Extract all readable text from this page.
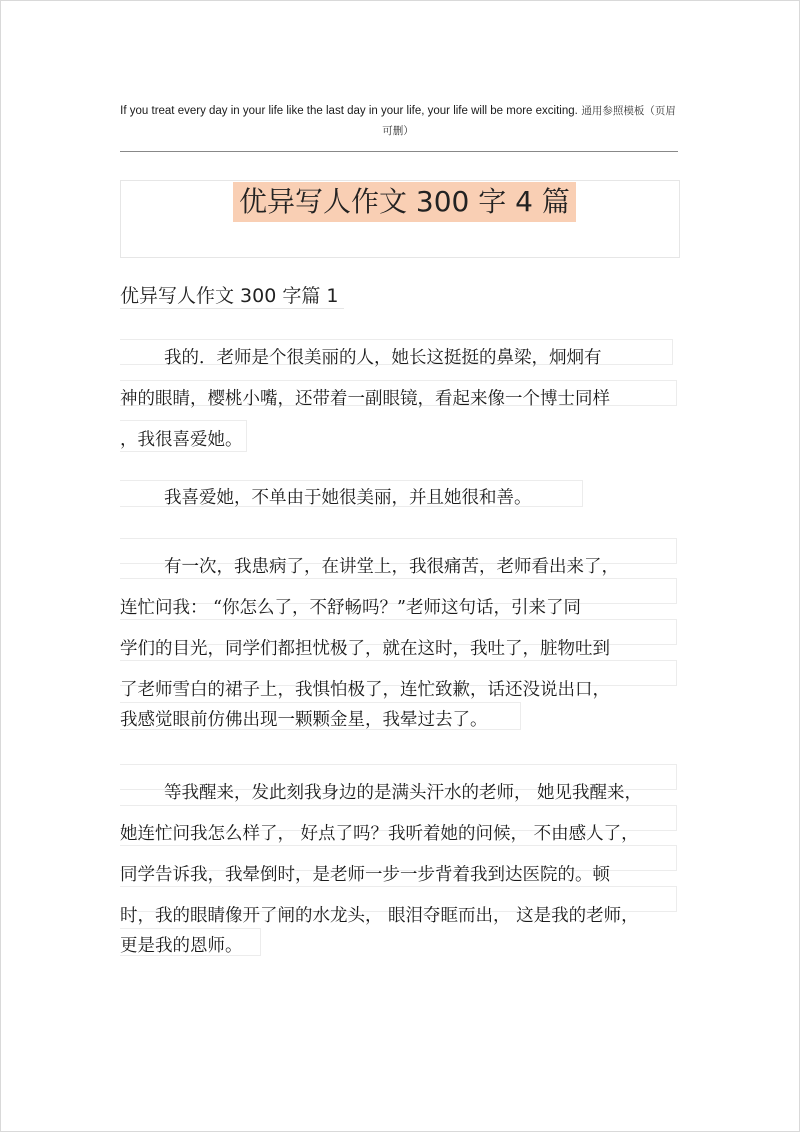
If you treat every day in your life like the last day in your life, your life will be more exciting. 通用参照模板（页眉
可删）
优异写人作文 300 字 4 篇
优异写人作文 300 字篇 1
我的．老师是个很美丽的人，她长这挺挺的鼻梁，炯炯有
神的眼睛，樱桃小嘴，还带着一副眼镜，看起来像一个博士同样
，我很喜爱她。
我喜爱她，不单由于她很美丽，并且她很和善。
有一次，我患病了，在讲堂上，我很痛苦，老师看出来了，
连忙问我： “你怎么了，不舒畅吗？”老师这句话，引来了同
学们的目光，同学们都担忧极了，就在这时，我吐了，脏物吐到
了老师雪白的裙子上，我惧怕极了，连忙致歉，话还没说出口，
我感觉眼前仿佛出现一颗颗金星，我晕过去了。
等我醒来，发此刻我身边的是满头汗水的老师， 她见我醒来，
她连忙问我怎么样了， 好点了吗？我听着她的问候， 不由感人了，
同学告诉我，我晕倒时，是老师一步一步背着我到达医院的。顿
时，我的眼睛像开了闸的水龙头， 眼泪夺眶而出， 这是我的老师，
更是我的恩师。
